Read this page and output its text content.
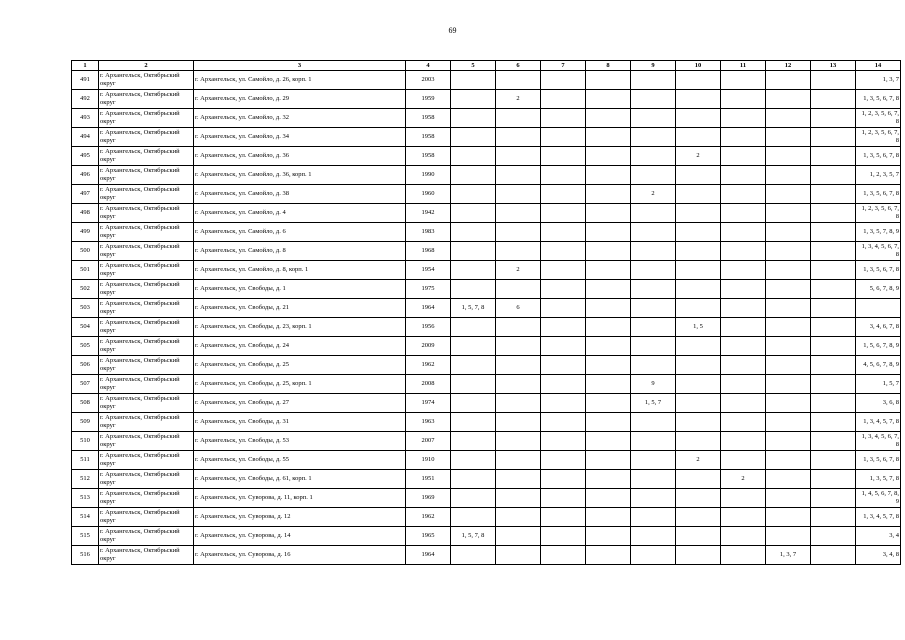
69
1	2	3	4	5	6	7	8	9	10	11	12	13	14
491	г. Архангельск, Октябрьский округ	г. Архангельск, ул. Самойло, д. 26, корп. 1	2003										1, 3, 7
492	г. Архангельск, Октябрьский округ	г. Архангельск, ул. Самойло, д. 29	1959		2								1, 3, 5, 6, 7, 8
493	г. Архангельск, Октябрьский округ	г. Архангельск, ул. Самойло, д. 32	1958										1, 2, 3, 5, 6, 7, 8
494	г. Архангельск, Октябрьский округ	г. Архангельск, ул. Самойло, д. 34	1958										1, 2, 3, 5, 6, 7, 8
495	г. Архангельск, Октябрьский округ	г. Архангельск, ул. Самойло, д. 36	1958						2				1, 3, 5, 6, 7, 8
496	г. Архангельск, Октябрьский округ	г. Архангельск, ул. Самойло, д. 36, корп. 1	1990										1, 2, 3, 5, 7
497	г. Архангельск, Октябрьский округ	г. Архангельск, ул. Самойло, д. 38	1960					2					1, 3, 5, 6, 7, 8
498	г. Архангельск, Октябрьский округ	г. Архангельск, ул. Самойло, д. 4	1942										1, 2, 3, 5, 6, 7, 8
499	г. Архангельск, Октябрьский округ	г. Архангельск, ул. Самойло, д. 6	1983										1, 3, 5, 7, 8, 9
500	г. Архангельск, Октябрьский округ	г. Архангельск, ул. Самойло, д. 8	1968										1, 3, 4, 5, 6, 7, 8
501	г. Архангельск, Октябрьский округ	г. Архангельск, ул. Самойло, д. 8, корп. 1	1954		2								1, 3, 5, 6, 7, 8
502	г. Архангельск, Октябрьский округ	г. Архангельск, ул. Свободы, д. 1	1975										5, 6, 7, 8, 9
503	г. Архангельск, Октябрьский округ	г. Архангельск, ул. Свободы, д. 21	1964	1, 5, 7, 8	6								
504	г. Архангельск, Октябрьский округ	г. Архангельск, ул. Свободы, д. 23, корп. 1	1956						1, 5				3, 4, 6, 7, 8
505	г. Архангельск, Октябрьский округ	г. Архангельск, ул. Свободы, д. 24	2009										1, 5, 6, 7, 8, 9
506	г. Архангельск, Октябрьский округ	г. Архангельск, ул. Свободы, д. 25	1962										4, 5, 6, 7, 8, 9
507	г. Архангельск, Октябрьский округ	г. Архангельск, ул. Свободы, д. 25, корп. 1	2008					9					1, 5, 7
508	г. Архангельск, Октябрьский округ	г. Архангельск, ул. Свободы, д. 27	1974					1, 5, 7					3, 6, 8
509	г. Архангельск, Октябрьский округ	г. Архангельск, ул. Свободы, д. 31	1963										1, 3, 4, 5, 7, 8
510	г. Архангельск, Октябрьский округ	г. Архангельск, ул. Свободы, д. 53	2007										1, 3, 4, 5, 6, 7, 8
511	г. Архангельск, Октябрьский округ	г. Архангельск, ул. Свободы, д. 55	1910						2				1, 3, 5, 6, 7, 8
512	г. Архангельск, Октябрьский округ	г. Архангельск, ул. Свободы, д. 61, корп. 1	1951							2			1, 3, 5, 7, 8
513	г. Архангельск, Октябрьский округ	г. Архангельск, ул. Суворова, д. 11, корп. 1	1969										1, 4, 5, 6, 7, 8, 9
514	г. Архангельск, Октябрьский округ	г. Архангельск, ул. Суворова, д. 12	1962										1, 3, 4, 5, 7, 8
515	г. Архангельск, Октябрьский округ	г. Архангельск, ул. Суворова, д. 14	1965	1, 5, 7, 8									3, 4
516	г. Архангельск, Октябрьский округ	г. Архангельск, ул. Суворова, д. 16	1964								1, 3, 7		3, 4, 8
